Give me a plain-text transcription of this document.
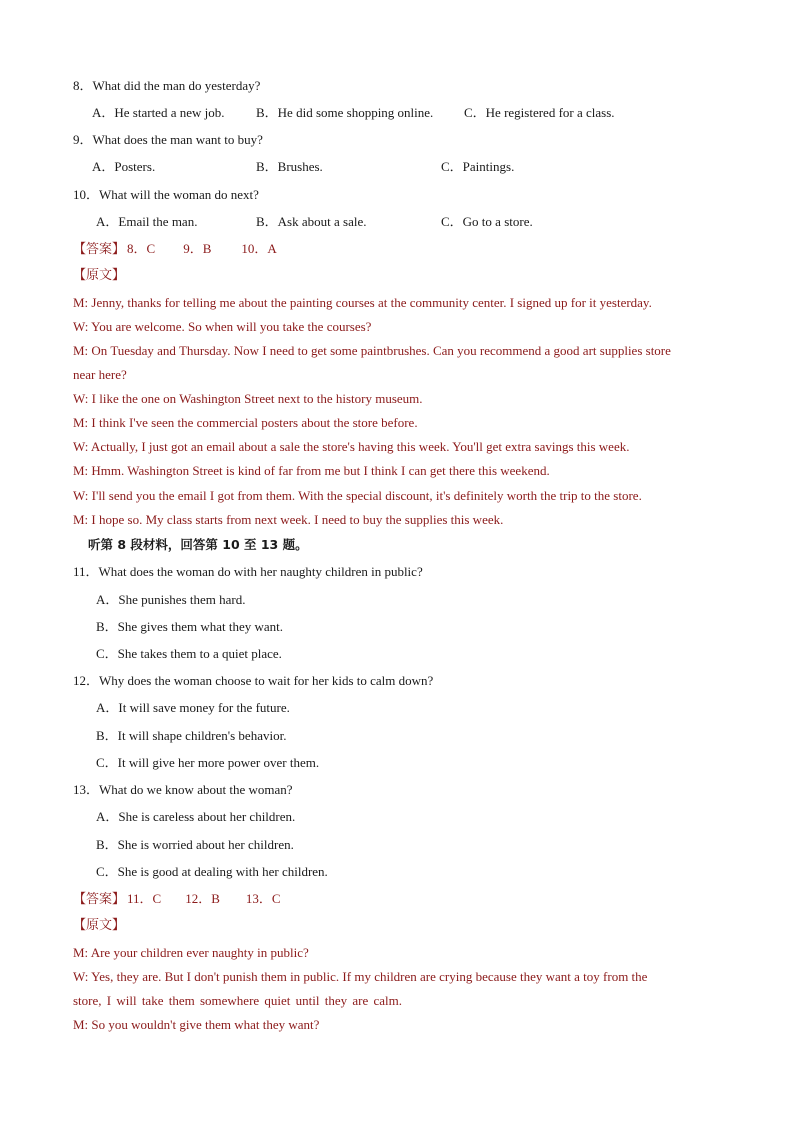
8．What did the man do yesterday?
A．He started a new job. B．He did some shopping online. C．He registered for a class.
9．What does the man want to buy?
A．Posters.	B．Brushes.	C．Paintings.
10．What will the woman do next?
A．Email the man.	B．Ask about a sale.	C．Go to a store.
【答案】 8．C 9．B 10．A
【原文】
M: Jenny, thanks for telling me about the painting courses at the community center. I signed up for it yesterday.
W: You are welcome. So when will you take the courses?
M: On Tuesday and Thursday. Now I need to get some paintbrushes. Can you recommend a good art supplies store
near here?
W: I like the one on Washington Street next to the history museum.
M: I think I've seen the commercial posters about the store before.
W: Actually, I just got an email about a sale the store's having this week. You'll get extra savings this week.
M: Hmm. Washington Street is kind of far from me but I think I can get there this weekend.
W: I'll send you the email I got from them. With the special discount, it's definitely worth the trip to the store.
M: I hope so. My class starts from next week. I need to buy the supplies this week.
听第 8 段材料，回答第 10 至 13 题。
11．What does the woman do with her naughty children in public?
A．She punishes them hard.
B．She gives them what they want.
C．She takes them to a quiet place.
12．Why does the woman choose to wait for her kids to calm down?
A．It will save money for the future.
B．It will shape children's behavior.
C．It will give her more power over them.
13．What do we know about the woman?
A．She is careless about her children.
B．She is worried about her children.
C．She is good at dealing with her children.
【答案】 11．C 12．B 13．C
【原文】
M: Are your children ever naughty in public?
W: Yes, they are. But I don't punish them in public. If my children are crying because they want a toy from the
store, I will take them somewhere quiet until they are calm.
M: So you wouldn't give them what they want?
